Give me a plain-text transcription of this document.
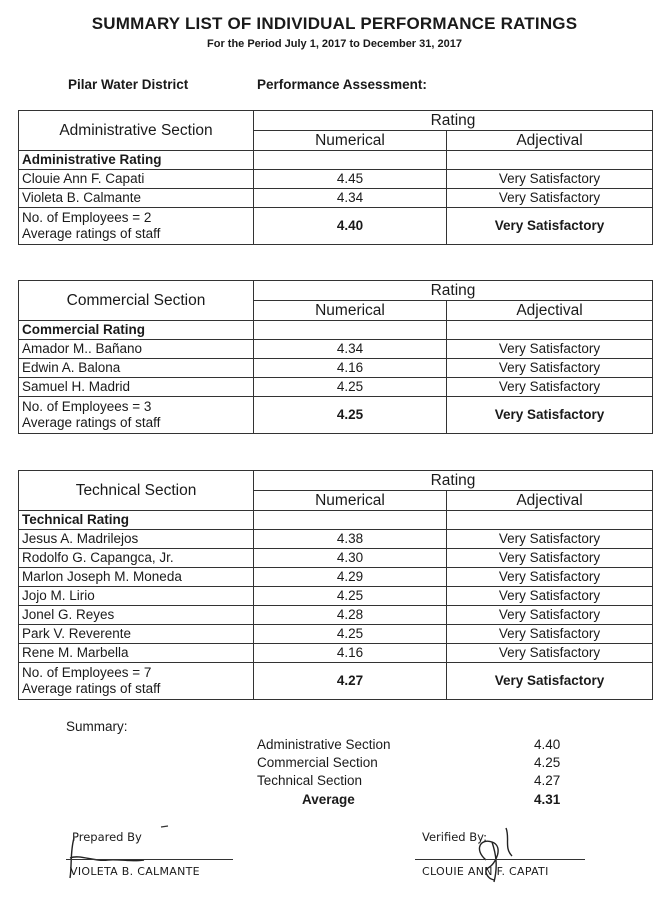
SUMMARY LIST OF INDIVIDUAL PERFORMANCE RATINGS
For the Period July 1, 2017 to December 31, 2017
Pilar Water District	Performance Assessment:
Administrative Section	Rating	
	Numerical	Adjectival
Administrative Rating		
Clouie Ann F. Capati	4.45	Very Satisfactory
Violeta B. Calmante	4.34	Very Satisfactory

No. of Employees = 2
Average ratings of staff	4.40	Very Satisfactory
Commercial Section	Rating	
	Numerical	Adjectival
Commercial Rating		
Amador M.. Bañano	4.34	Very Satisfactory
Edwin A. Balona	4.16	Very Satisfactory
Samuel H. Madrid	4.25	Very Satisfactory

No. of Employees = 3
Average ratings of staff	4.25	Very Satisfactory
Technical Section	Rating	
	Numerical	Adjectival
Technical Rating		
Jesus A. Madrilejos	4.38	Very Satisfactory
Rodolfo G. Capangca, Jr.	4.30	Very Satisfactory
Marlon Joseph M. Moneda	4.29	Very Satisfactory
Jojo M. Lirio	4.25	Very Satisfactory
Jonel G. Reyes	4.28	Very Satisfactory
Park V. Reverente	4.25	Very Satisfactory
Rene M. Marbella	4.16	Very Satisfactory

No. of Employees = 7
Average ratings of staff	4.27	Very Satisfactory
Summary:
Administrative Section	4.40
Commercial Section	4.25
Technical Section	4.27
Average	4.31
Prepared By
VIOLETA B. CALMANTE
Verified By:
CLOUIE ANN F. CAPATI
